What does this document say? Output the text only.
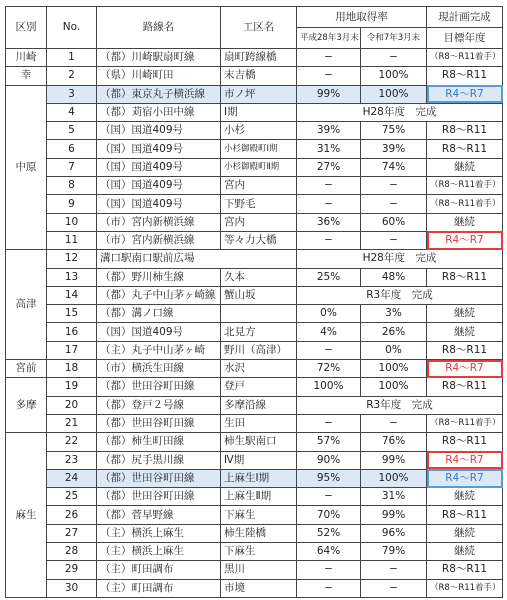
区別	No.	路線名	工区名	用地取得率		現計画完成
				平成28年3月末	令和7年3月末	目標年度
川崎	1	（都）川崎駅扇町線	扇町跨線橋	−	−	（R8～R11着手）
幸	2	（県）川崎町田	末吉橋	−	100%	R8～R11
中原	3	（都）東京丸子横浜線	市ノ坪	99%	100%	R4～R7
	4	（都）苅宿小田中線	Ⅰ期	H28年度　完成		
	5	（国）国道409号	小杉	39%	75%	R8～R11
	6	（国）国道409号	小杉御殿町Ⅰ期	31%	39%	R8～R11
	7	（国）国道409号	小杉御殿町Ⅱ期	27%	74%	継続
	8	（国）国道409号	宮内	−	−	（R8～R11着手）
	9	（国）国道409号	下野毛	−	−	（R8～R11着手）
	10	（市）宮内新横浜線	宮内	36%	60%	継続
	11	（市）宮内新横浜線	等々力大橋	−	−	R4～R7
高津	12	溝口駅南口駅前広場		H28年度　完成		
	13	（都）野川柿生線	久本	25%	48%	R8～R11
	14	（都）丸子中山茅ヶ崎線	蟹山坂	R3年度　完成		
	15	（都）溝ノ口線		0%	3%	継続
	16	（国）国道409号	北見方	4%	26%	継続
	17	（主）丸子中山茅ヶ崎	野川（高津）	−	0%	R8～R11
宮前	18	（市）横浜生田線	水沢	72%	100%	R4～R7
多摩	19	（都）世田谷町田線	登戸	100%	100%	R8～R11
	20	（都）登戸２号線	多摩沿線	R3年度　完成		
	21	（都）世田谷町田線	生田	−	−	（R8～R11着手）
麻生	22	（都）柿生町田線	柿生駅南口	57%	76%	R8～R11
	23	（都）尻手黒川線	Ⅳ期	90%	99%	R4～R7
	24	（都）世田谷町田線	上麻生Ⅰ期	95%	100%	R4～R7
	25	（都）世田谷町田線	上麻生Ⅱ期	−	31%	継続
	26	（都）菅早野線	下麻生	70%	99%	R8～R11
	27	（主）横浜上麻生	柿生陸橋	52%	96%	継続
	28	（主）横浜上麻生	下麻生	64%	79%	継続
	29	（主）町田調布	黒川	−	−	R8～R11
	30	（主）町田調布	市境	−	−	（R8～R11着手）
